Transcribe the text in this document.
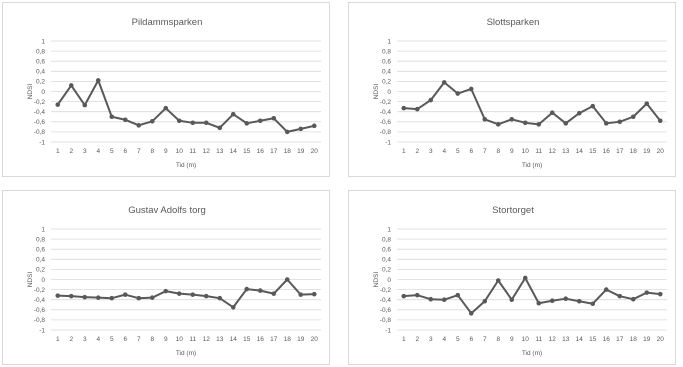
Pildammsparken
1
0,8
0,6
0,4
0,2
0
-0,2
-0,4
-0,6
-0,8
-1
1 2 3 4 5 6 7 8 9 10 11 12 13 14 15 16 17 18 19 20
Tid (m)
NDSI
Slottsparken
1
0,8
0,6
0,4
0,2
0
-0,2
-0,4
-0,6
-0,8
-1
1 2 3 4 5 6 7 8 9 10 11 12 13 14 15 16 17 18 19 20
Tid (m)
NDSI
Gustav Adolfs torg
1
0,8
0,6
0,4
0,2
0
-0,2
-0,4
-0,6
-0,8
-1
1 2 3 4 5 6 7 8 9 10 11 12 13 14 15 16 17 18 19 20
Tid (m)
NDSI
Stortorget
1
0,8
0,6
0,4
0,2
0
-0,2
-0,4
-0,6
-0,8
-1
1 2 3 4 5 6 7 8 9 10 11 12 13 14 15 16 17 18 19 20
Tid (m)
NDSI
